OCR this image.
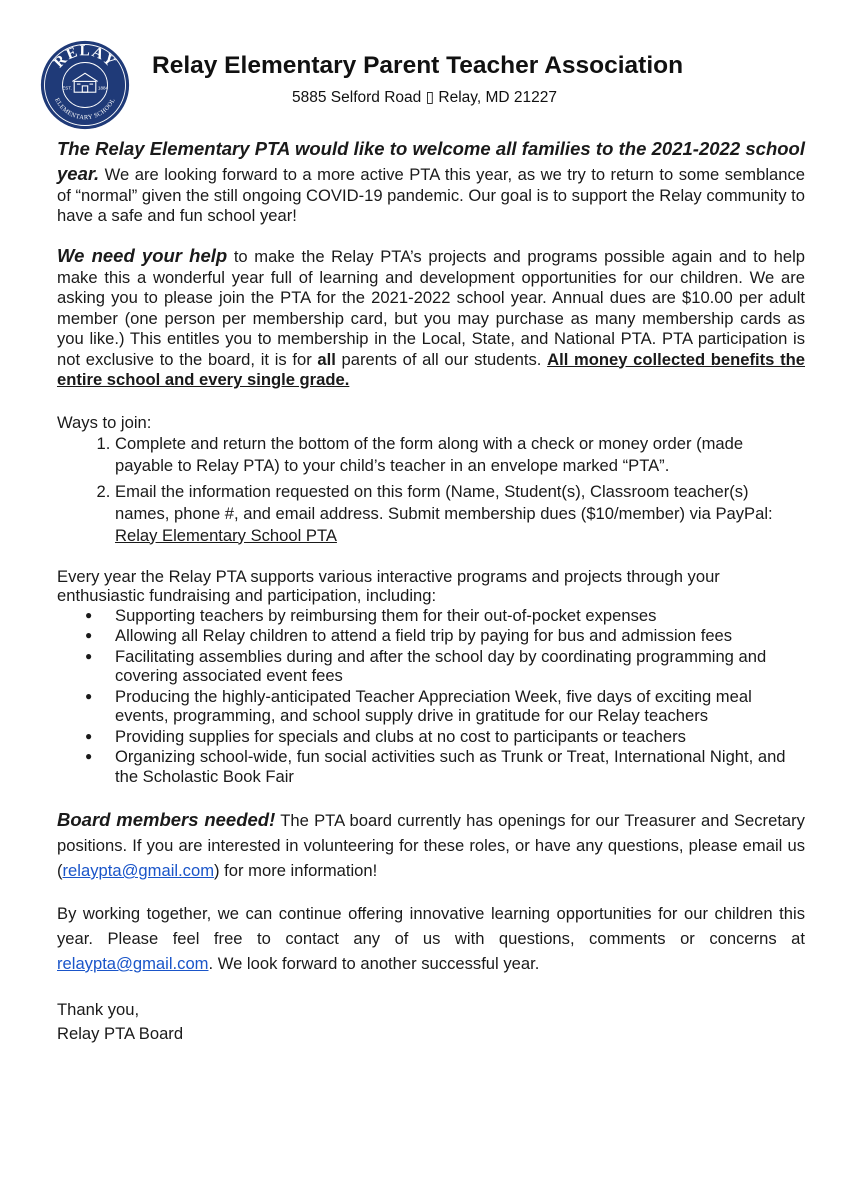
RELAY
ELEMENTARY SCHOOL
EST.	1884
Relay Elementary Parent Teacher Association
5885 Selford Road ▯ Relay, MD 21227

The Relay Elementary PTA would like to welcome all families to the 2021-2022 school year. We are looking forward to a more active PTA this year, as we try to return to some semblance of “normal” given the still ongoing COVID-19 pandemic. Our goal is to support the Relay community to have a safe and fun school year!

We need your help to make the Relay PTA’s projects and programs possible again and to help make this a wonderful year full of learning and development opportunities for our children. We are asking you to please join the PTA for the 2021-2022 school year. Annual dues are $10.00 per adult member (one person per membership card, but you may purchase as many membership cards as you like.) This entitles you to membership in the Local, State, and National PTA. PTA participation is not exclusive to the board, it is for all parents of all our students. All money collected benefits the entire school and every single grade.

Ways to join:

1. Complete and return the bottom of the form along with a check or money order (made payable to Relay PTA) to your child’s teacher in an envelope marked “PTA”.
2. Email the information requested on this form (Name, Student(s), Classroom teacher(s) names, phone #, and email address. Submit membership dues ($10/member) via PayPal: Relay Elementary School PTA

Every year the Relay PTA supports various interactive programs and projects through your enthusiastic fundraising and participation, including:

● Supporting teachers by reimbursing them for their out-of-pocket expenses
● Allowing all Relay children to attend a field trip by paying for bus and admission fees
● Facilitating assemblies during and after the school day by coordinating programming and covering associated event fees
● Producing the highly-anticipated Teacher Appreciation Week, five days of exciting meal events, programming, and school supply drive in gratitude for our Relay teachers
● Providing supplies for specials and clubs at no cost to participants or teachers
● Organizing school-wide, fun social activities such as Trunk or Treat, International Night, and the Scholastic Book Fair

Board members needed! The PTA board currently has openings for our Treasurer and Secretary positions. If you are interested in volunteering for these roles, or have any questions, please email us (relaypta@gmail.com) for more information!

By working together, we can continue offering innovative learning opportunities for our children this year. Please feel free to contact any of us with questions, comments or concerns at relaypta@gmail.com. We look forward to another successful year.

Thank you,
Relay PTA Board
